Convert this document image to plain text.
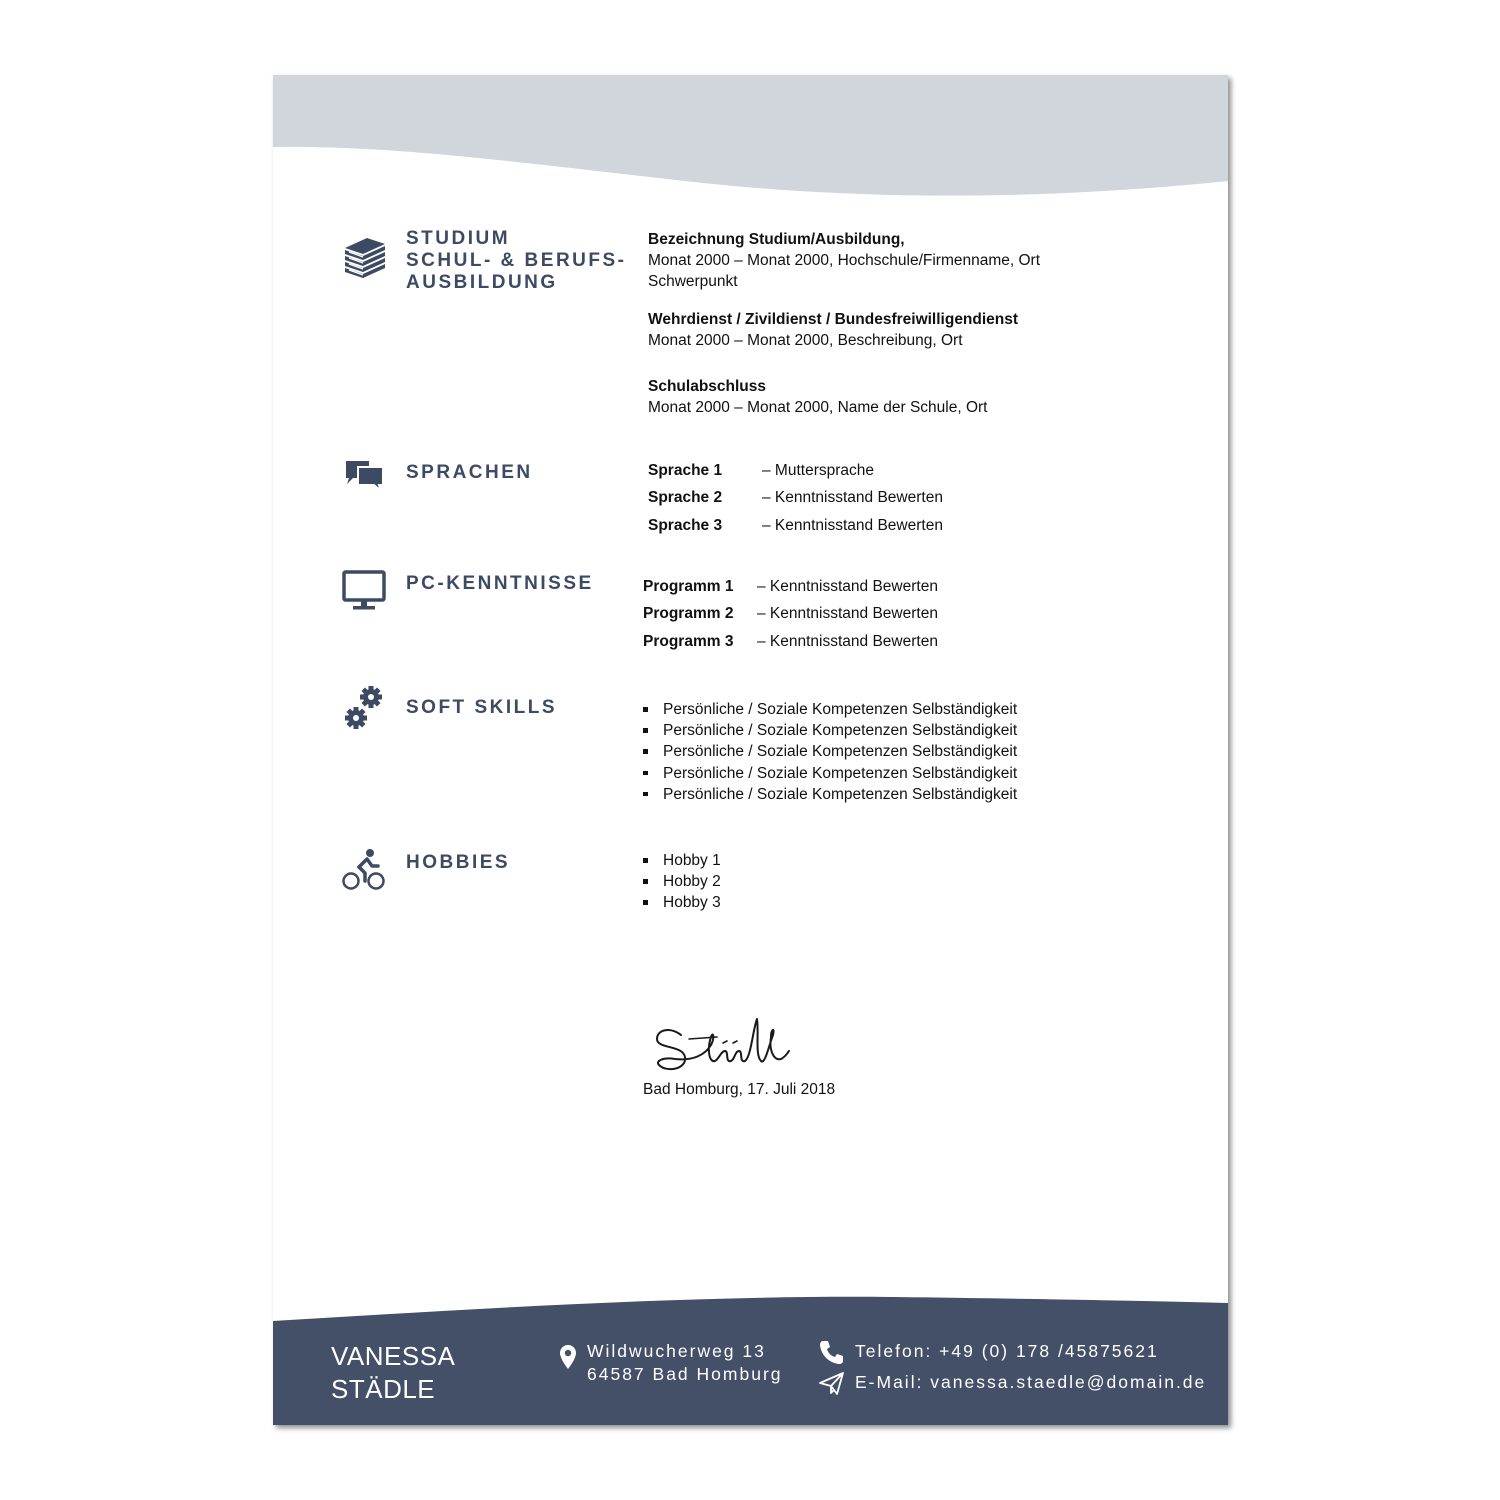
STUDIUM
SCHUL- & BERUFS-
AUSBILDUNG
Bezeichnung Studium/Ausbildung,
Monat 2000 – Monat 2000, Hochschule/Firmenname, Ort
Schwerpunkt
Wehrdienst / Zivildienst / Bundesfreiwilligendienst
Monat 2000 – Monat 2000, Beschreibung, Ort
Schulabschluss
Monat 2000 – Monat 2000, Name der Schule, Ort
SPRACHEN	Sprache 1	– Muttersprache
Sprache 2	– Kenntnisstand Bewerten
Sprache 3	– Kenntnisstand Bewerten
PC-KENNTNISSE	Programm 1	– Kenntnisstand Bewerten
Programm 2	– Kenntnisstand Bewerten
Programm 3	– Kenntnisstand Bewerten
SOFT SKILLS	Persönliche / Soziale Kompetenzen Selbständigkeit
Persönliche / Soziale Kompetenzen Selbständigkeit
Persönliche / Soziale Kompetenzen Selbständigkeit
Persönliche / Soziale Kompetenzen Selbständigkeit
Persönliche / Soziale Kompetenzen Selbständigkeit
HOBBIES	Hobby 1
Hobby 2
Hobby 3
Bad Homburg, 17. Juli 2018
VANESSA
STÄDLE
Wildwucherweg 13
64587 Bad Homburg
Telefon: +49 (0) 178 /45875621
E-Mail: vanessa.staedle@domain.de
